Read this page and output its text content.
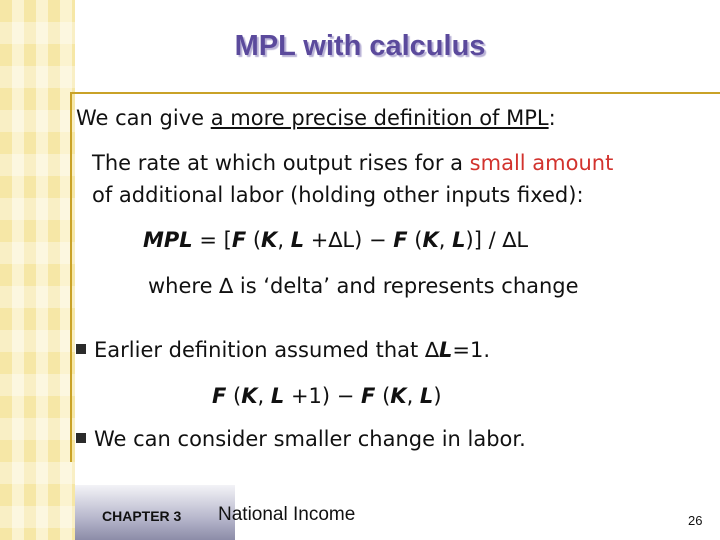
MPL with calculus
We can give a more precise definition of MPL:
The rate at which output rises for a small amount
of additional labor (holding other inputs fixed):
MPL = [F (K, L +∆L) − F (K, L)] / ∆L
where ∆ is ‘delta’ and represents change
Earlier definition assumed that ∆L=1.
F (K, L +1) − F (K, L)
We can consider smaller change in labor.
CHAPTER 3 National Income	26
